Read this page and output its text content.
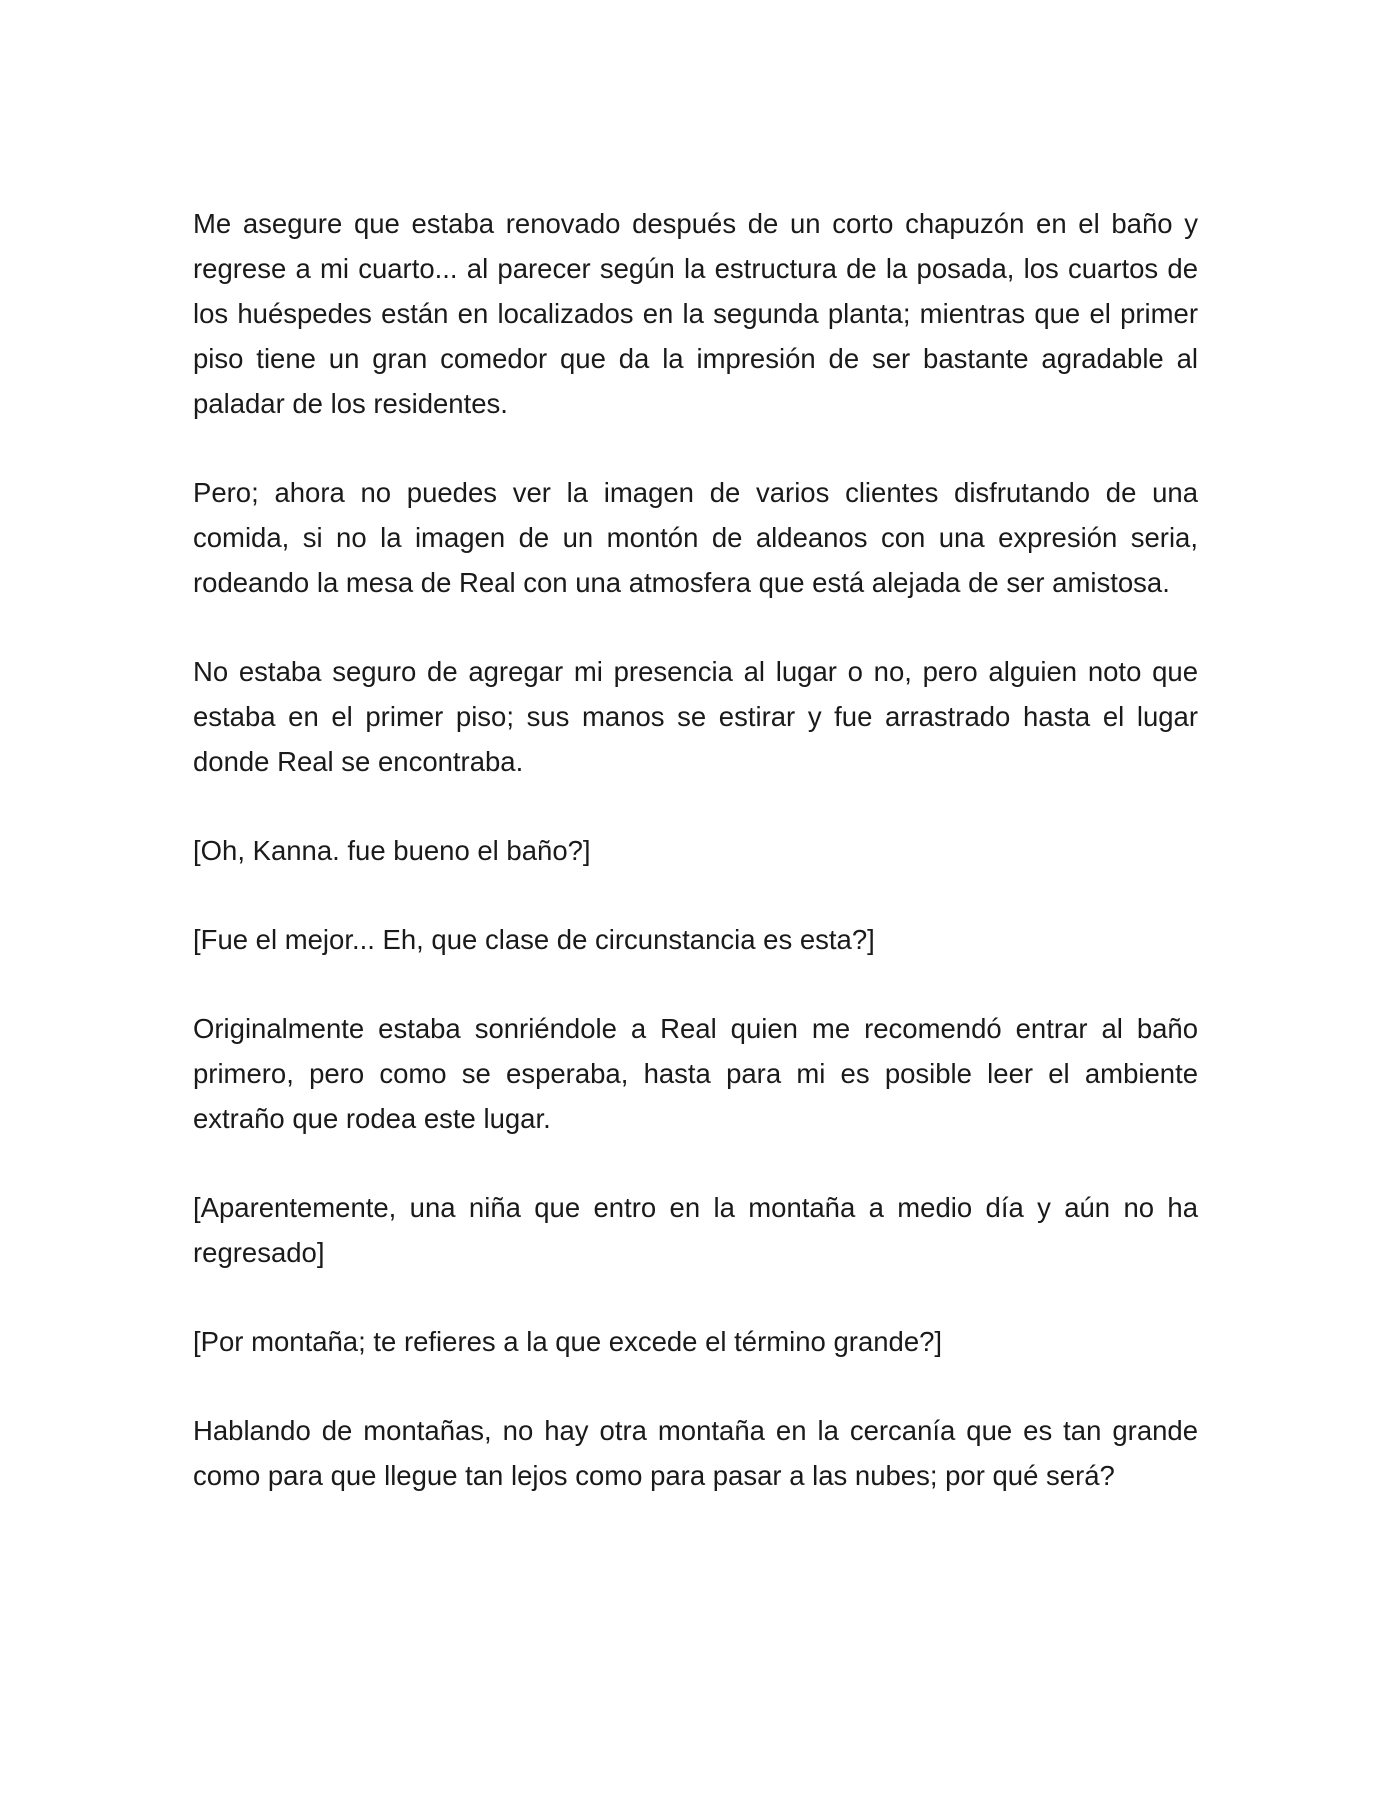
Me asegure que estaba renovado después de un corto chapuzón en el baño y regrese a mi cuarto... al parecer según la estructura de la posada, los cuartos de los huéspedes están en localizados en la segunda planta; mientras que el primer piso tiene un gran comedor que da la impresión de ser bastante agradable al paladar de los residentes.

Pero; ahora no puedes ver la imagen de varios clientes disfrutando de una comida, si no la imagen de un montón de aldeanos con una expresión seria, rodeando la mesa de Real con una atmosfera que está alejada de ser amistosa.

No estaba seguro de agregar mi presencia al lugar o no, pero alguien noto que estaba en el primer piso; sus manos se estirar y fue arrastrado hasta el lugar donde Real se encontraba.

[Oh, Kanna. fue bueno el baño?]

[Fue el mejor... Eh, que clase de circunstancia es esta?]

Originalmente estaba sonriéndole a Real quien me recomendó entrar al baño primero, pero como se esperaba, hasta para mi es posible leer el ambiente extraño que rodea este lugar.

[Aparentemente, una niña que entro en la montaña a medio día y aún no ha regresado]

[Por montaña; te refieres a la que excede el término grande?]

Hablando de montañas, no hay otra montaña en la cercanía que es tan grande como para que llegue tan lejos como para pasar a las nubes; por qué será?
